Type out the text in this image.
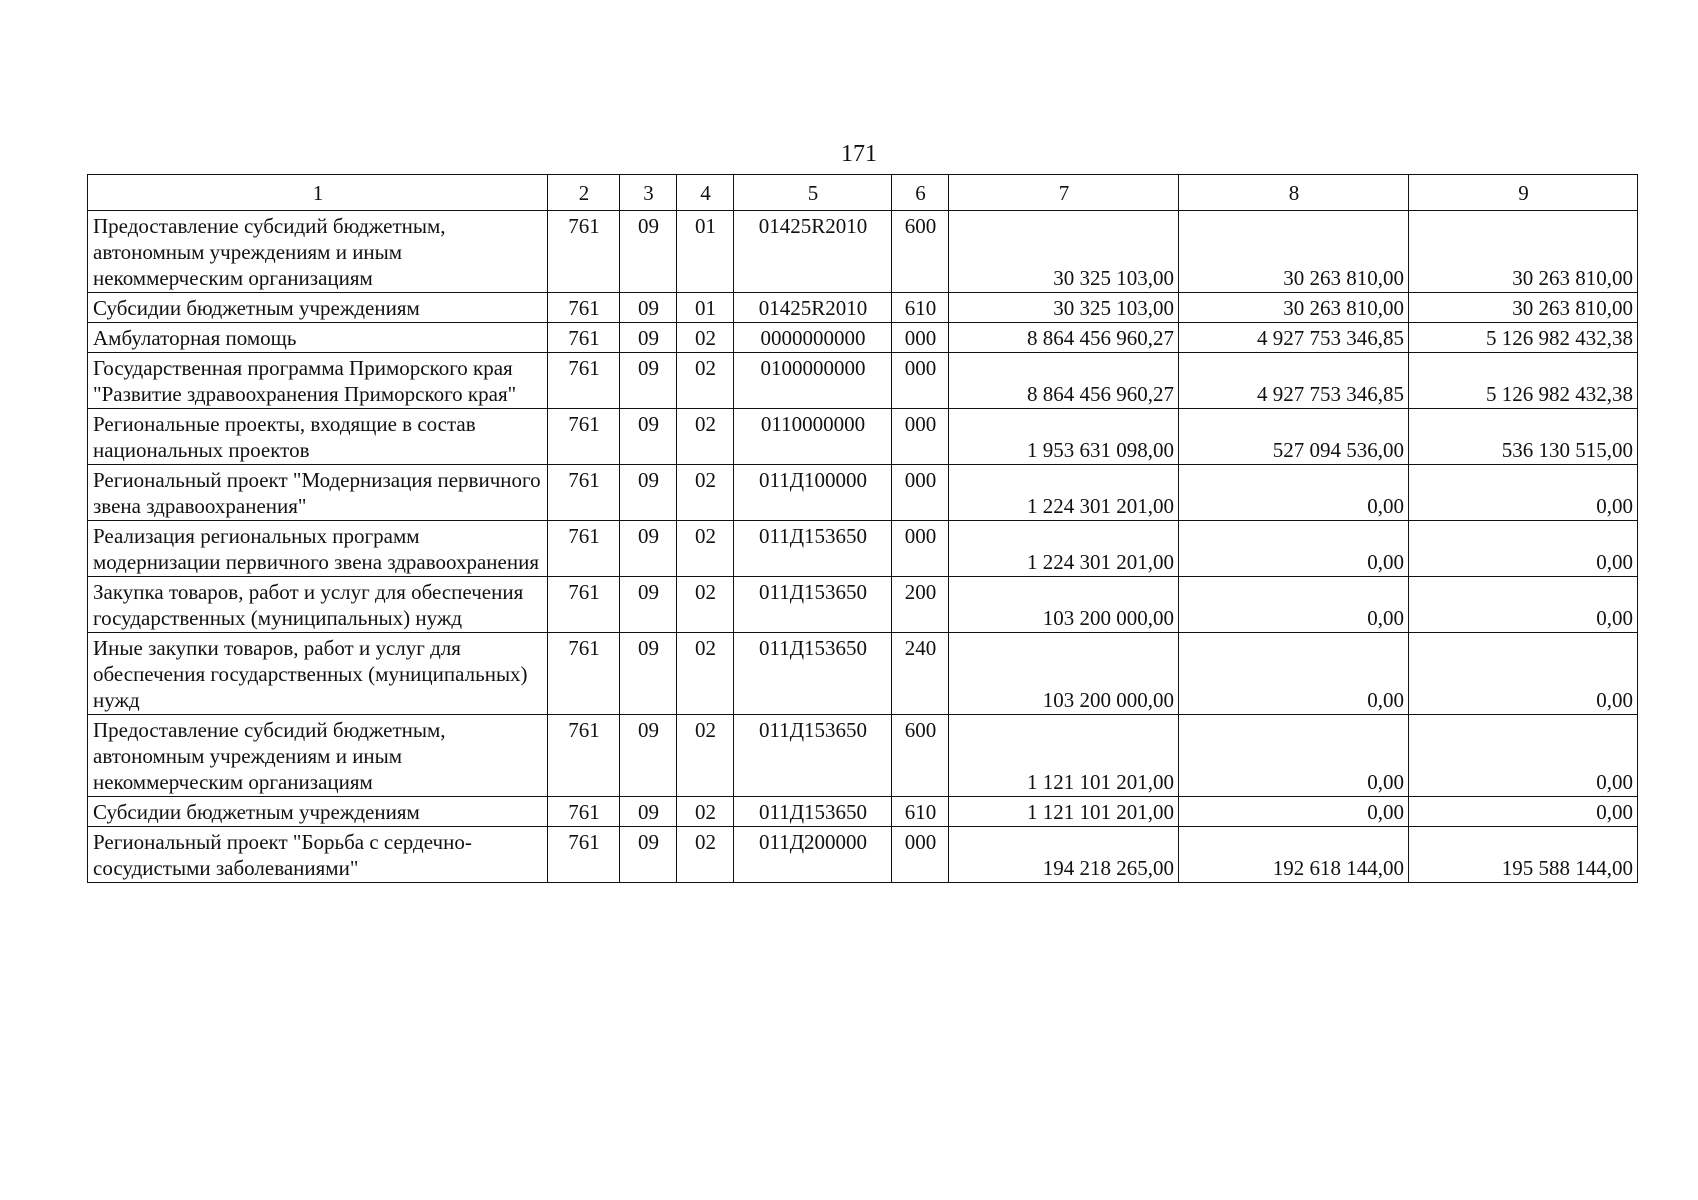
171
1	2	3	4	5	6	7	8	9
Предоставление субсидий бюджетным, автономным учреждениям и иным некоммерческим организациям	761	09	01	01425R2010	600	30 325 103,00	30 263 810,00	30 263 810,00
Субсидии бюджетным учреждениям	761	09	01	01425R2010	610	30 325 103,00	30 263 810,00	30 263 810,00
Амбулаторная помощь	761	09	02	0000000000	000	8 864 456 960,27	4 927 753 346,85	5 126 982 432,38
Государственная программа Приморского края "Развитие здравоохранения Приморского края"	761	09	02	0100000000	000	8 864 456 960,27	4 927 753 346,85	5 126 982 432,38
Региональные проекты, входящие в состав национальных проектов	761	09	02	0110000000	000	1 953 631 098,00	527 094 536,00	536 130 515,00
Региональный проект "Модернизация первичного звена здравоохранения"	761	09	02	011Д100000	000	1 224 301 201,00	0,00	0,00
Реализация региональных программ модернизации первичного звена здравоохранения	761	09	02	011Д153650	000	1 224 301 201,00	0,00	0,00
Закупка товаров, работ и услуг для обеспечения государственных (муниципальных) нужд	761	09	02	011Д153650	200	103 200 000,00	0,00	0,00
Иные закупки товаров, работ и услуг для обеспечения государственных (муниципальных) нужд	761	09	02	011Д153650	240	103 200 000,00	0,00	0,00
Предоставление субсидий бюджетным, автономным учреждениям и иным некоммерческим организациям	761	09	02	011Д153650	600	1 121 101 201,00	0,00	0,00
Субсидии бюджетным учреждениям	761	09	02	011Д153650	610	1 121 101 201,00	0,00	0,00
Региональный проект "Борьба с сердечно-сосудистыми заболеваниями"	761	09	02	011Д200000	000	194 218 265,00	192 618 144,00	195 588 144,00
